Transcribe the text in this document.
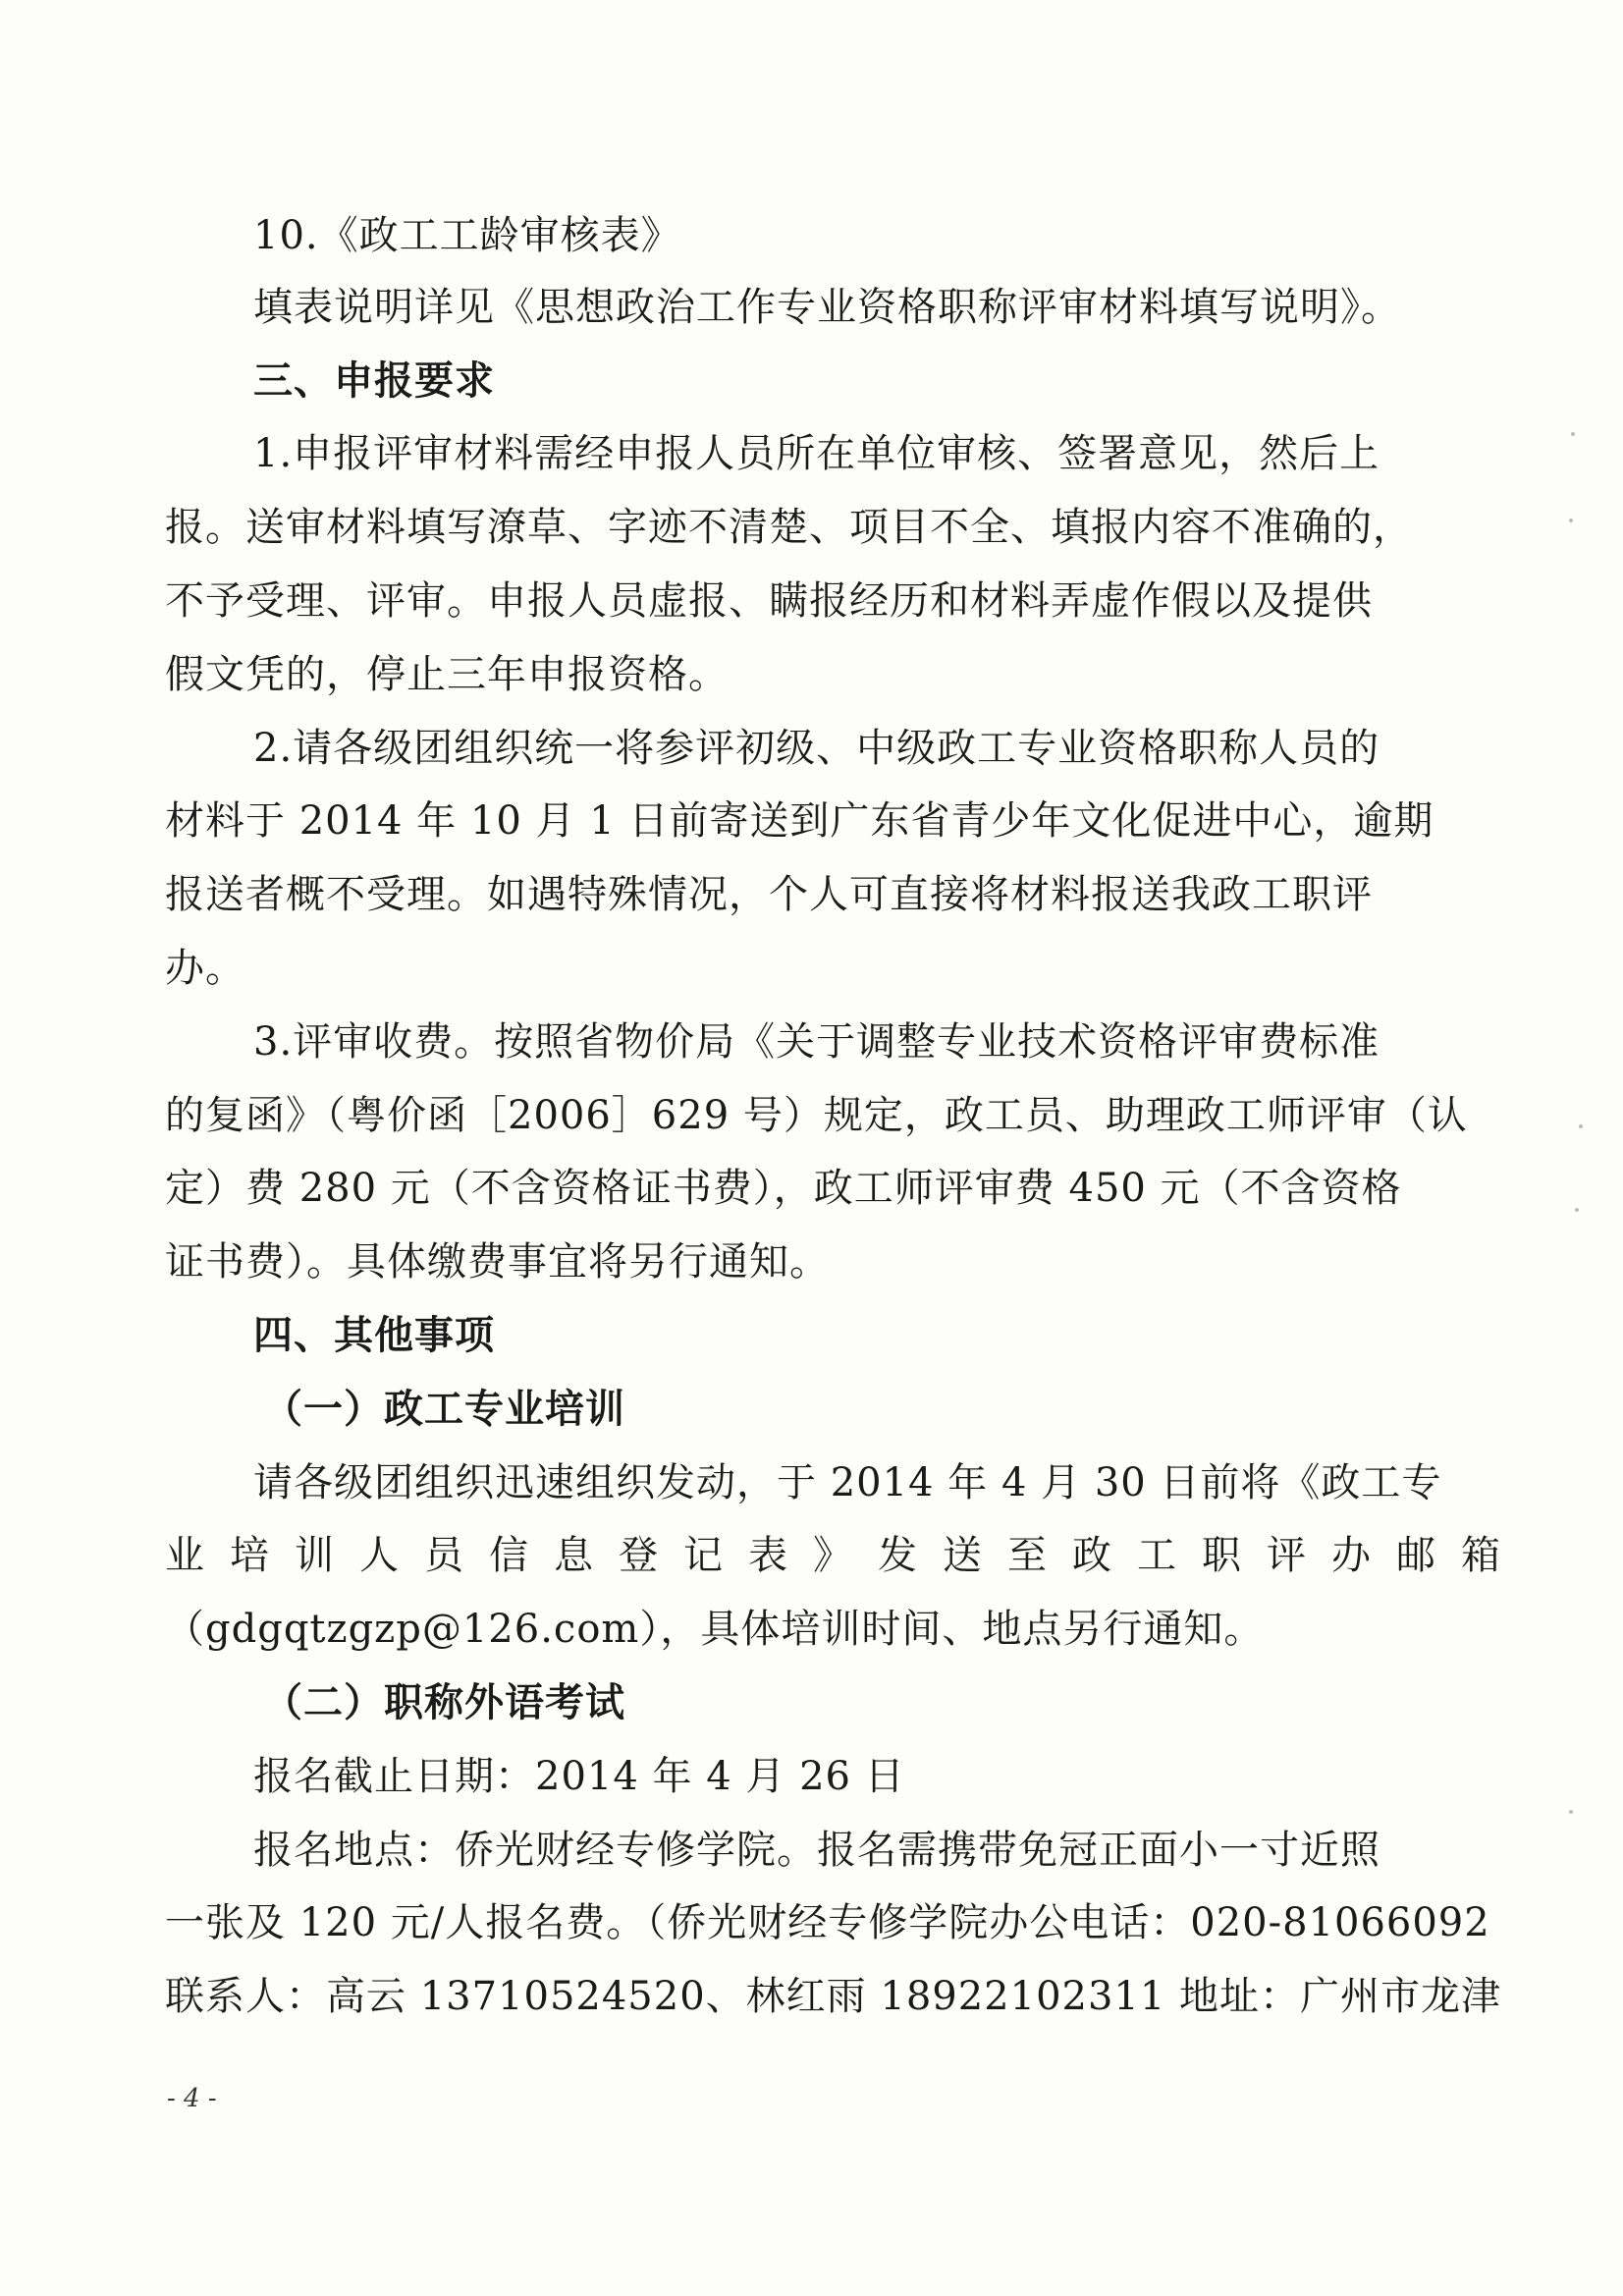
10.《政工工龄审核表》
填表说明详见《思想政治工作专业资格职称评审材料填写说明》。
三、申报要求
1.申报评审材料需经申报人员所在单位审核、签署意见，然后上
报。送审材料填写潦草、字迹不清楚、项目不全、填报内容不准确的，
不予受理、评审。申报人员虚报、瞒报经历和材料弄虚作假以及提供
假文凭的，停止三年申报资格。
2.请各级团组织统一将参评初级、中级政工专业资格职称人员的
材料于 2014 年 10 月 1 日前寄送到广东省青少年文化促进中心，逾期
报送者概不受理。如遇特殊情况，个人可直接将材料报送我政工职评
办。
3.评审收费。按照省物价局《关于调整专业技术资格评审费标准
的复函》（粤价函［2006］629 号）规定，政工员、助理政工师评审（认
定）费 280 元（不含资格证书费），政工师评审费 450 元（不含资格
证书费）。具体缴费事宜将另行通知。
四、其他事项
（一）政工专业培训
请各级团组织迅速组织发动，于 2014 年 4 月 30 日前将《政工专
业培训人员信息登记表》发送至政工职评办邮箱
（gdgqtzgzp@126.com），具体培训时间、地点另行通知。
（二）职称外语考试
报名截止日期：2014 年 4 月 26 日
报名地点：侨光财经专修学院。报名需携带免冠正面小一寸近照
一张及 120 元/人报名费。（侨光财经专修学院办公电话：020-81066092
联系人：高云 13710524520、林红雨 18922102311 地址：广州市龙津
- 4 -
